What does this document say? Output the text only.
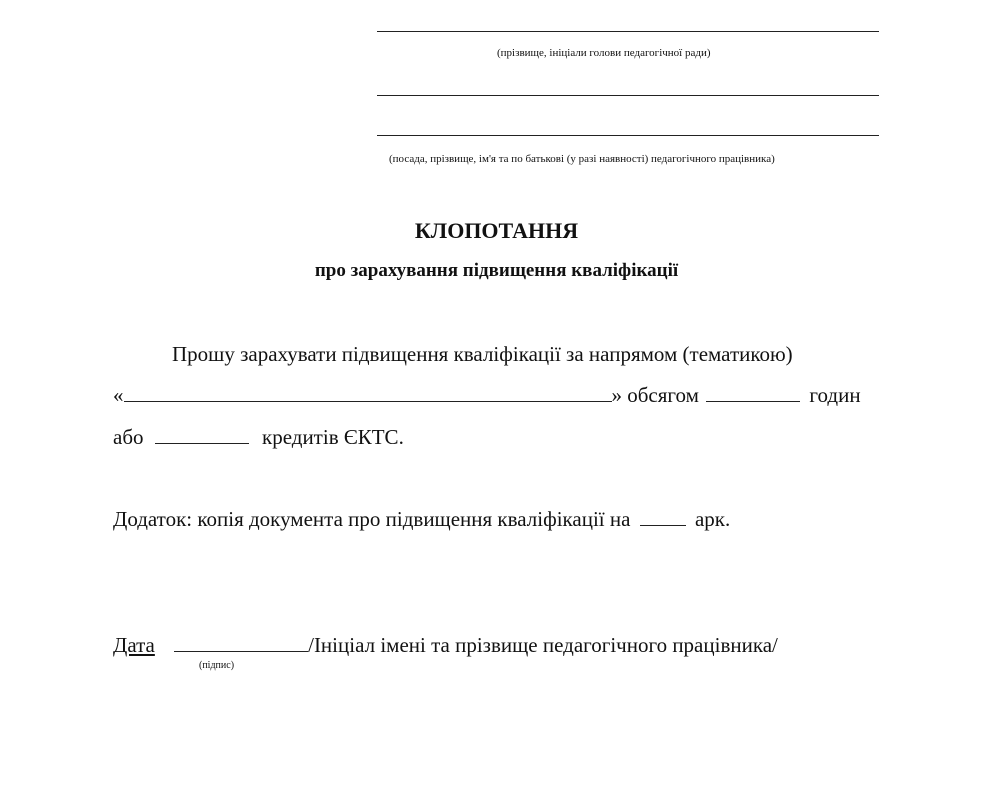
(прізвище, ініціали голови педагогічної ради)
(посада, прізвище, ім'я та по батькові (у разі наявності) педагогічного працівника)
КЛОПОТАННЯ
про зарахування підвищення кваліфікації
Прошу зарахувати підвищення кваліфікації за напрямом (тематикою)
«	» обсягом	годин
або	кредитів ЄКТС.
Додаток: копія документа про підвищення кваліфікації на	арк.
Дата	/Ініціал імені та прізвище педагогічного працівника/
(підпис)
